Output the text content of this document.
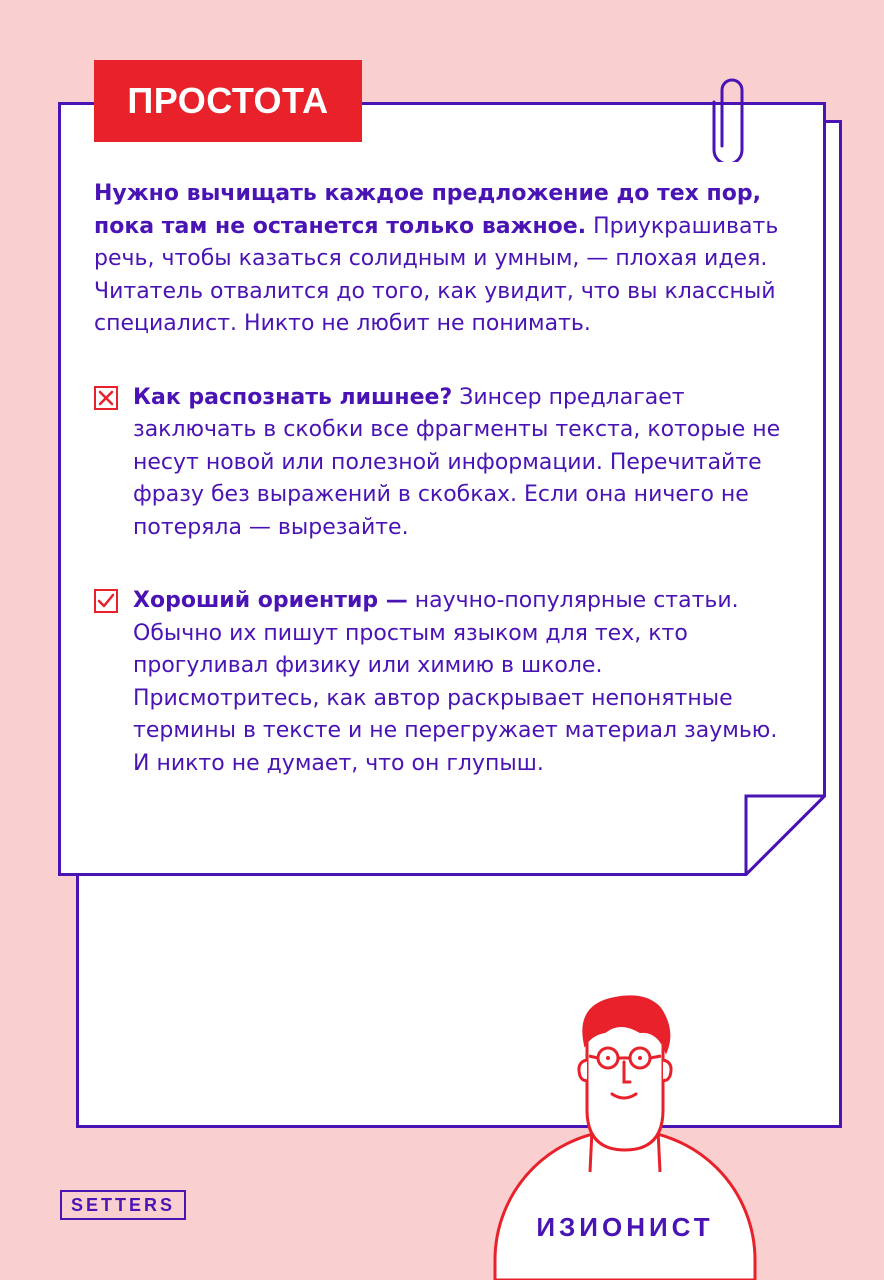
ПРОСТОТА

Нужно вычищать каждое предложение до тех пор, пока там не останется только важное. Приукрашивать речь, чтобы казаться солидным и умным, — плохая идея. Читатель отвалится до того, как увидит, что вы классный специалист. Никто не любит не понимать.

Как распознать лишнее? Зинсер предлагает заключать в скобки все фрагменты текста, которые не несут новой или полезной информации. Перечитайте фразу без выражений в скобках. Если она ничего не потеряла — вырезайте.

Хороший ориентир — научно-популярные статьи. Обычно их пишут простым языком для тех, кто прогуливал физику или химию в школе. Присмотритесь, как автор раскрывает непонятные термины в тексте и не перегружает материал заумью. И никто не думает, что он глупыш.

SETTERS
ИЗИОНИСТ
